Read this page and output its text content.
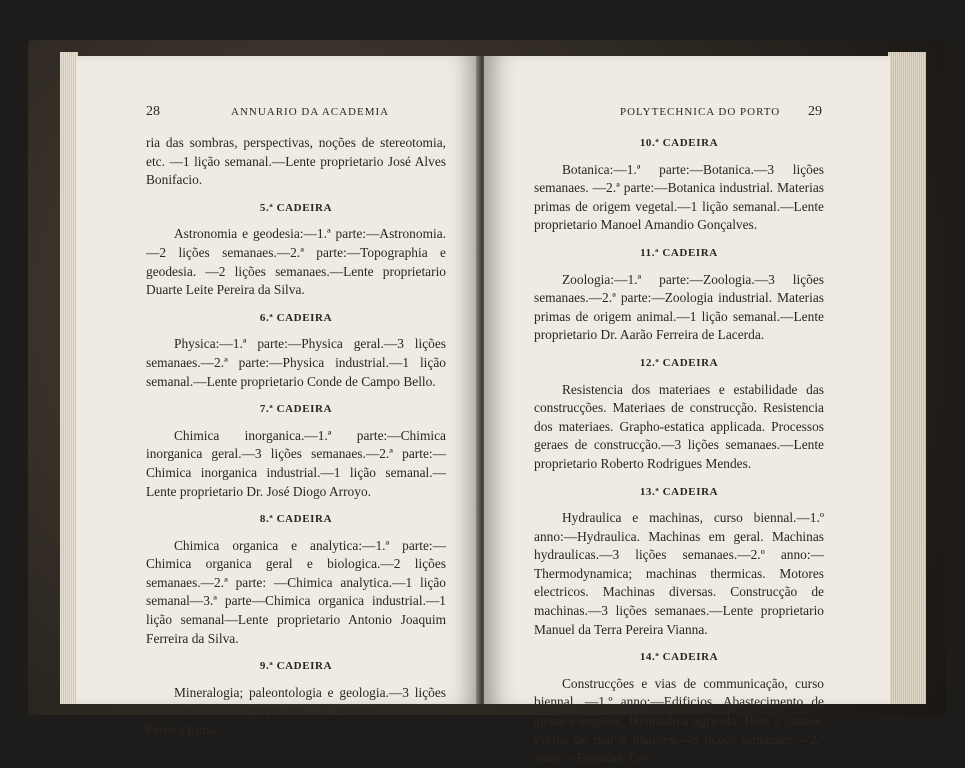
28	ANNUARIO DA ACADEMIA

ria das sombras, perspectivas, noções de stereotomia, etc. —1 lição semanal.—Lente proprietario José Alves Bonifacio.

5.ª CADEIRA

Astronomia e geodesia:—1.ª parte:—Astronomia.—2 lições semanaes.—2.ª parte:—Topographia e geodesia. —2 lições semanaes.—Lente proprietario Duarte Leite Pereira da Silva.

6.ª CADEIRA

Physica:—1.ª parte:—Physica geral.—3 lições semanaes.—2.ª parte:—Physica industrial.—1 lição semanal.—Lente proprietario Conde de Campo Bello.

7.ª CADEIRA

Chimica inorganica.—1.ª parte:—Chimica inorganica geral.—3 lições semanaes.—2.ª parte:—Chimica inorganica industrial.—1 lição semanal.—Lente proprietario Dr. José Diogo Arroyo.

8.ª CADEIRA

Chimica organica e analytica:—1.ª parte:—Chimica organica geral e biologica.—2 lições semanaes.—2.ª parte: —Chimica analytica.—1 lição semanal—3.ª parte—Chimica organica industrial.—1 lição semanal—Lente proprietario Antonio Joaquim Ferreira da Silva.

9.ª CADEIRA

Mineralogia; paleontologia e geologia.—3 lições semanaes.—Lente proprietario Dr. Wenceslau de Souza Pereira Lima.

POLYTECHNICA DO PORTO 29
10.ª CADEIRA

Botanica:—1.ª parte:—Botanica.—3 lições semanaes. —2.ª parte:—Botanica industrial. Materias primas de origem vegetal.—1 lição semanal.—Lente proprietario Manoel Amandio Gonçalves.

11.ª CADEIRA

Zoologia:—1.ª parte:—Zoologia.—3 lições semanaes.—2.ª parte:—Zoologia industrial. Materias primas de origem animal.—1 lição semanal.—Lente proprietario Dr. Aarão Ferreira de Lacerda.

12.ª CADEIRA

Resistencia dos materiaes e estabilidade das construcções. Materiaes de construcção. Resistencia dos materiaes. Grapho-estatica applicada. Processos geraes de construcção.—3 lições semanaes.—Lente proprietario Roberto Rodrigues Mendes.

13.ª CADEIRA

Hydraulica e machinas, curso biennal.—1.º anno:—Hydraulica. Machinas em geral. Machinas hydraulicas.—3 lições semanaes.—2.º anno:—Thermodynamica; machinas thermicas. Motores electricos. Machinas diversas. Construcção de machinas.—3 lições semanaes.—Lente proprietario Manuel da Terra Pereira Vianna.

14.ª CADEIRA

Construcções e vias de communicação, curso biennal. —1.º anno:—Edificios. Abastecimento de aguas e esgotos. Hydraulica agricola. Rios e canaes. Portos de mar e pharoes.—3 lições semanaes.—2.º anno:—Estradas. Ca-
